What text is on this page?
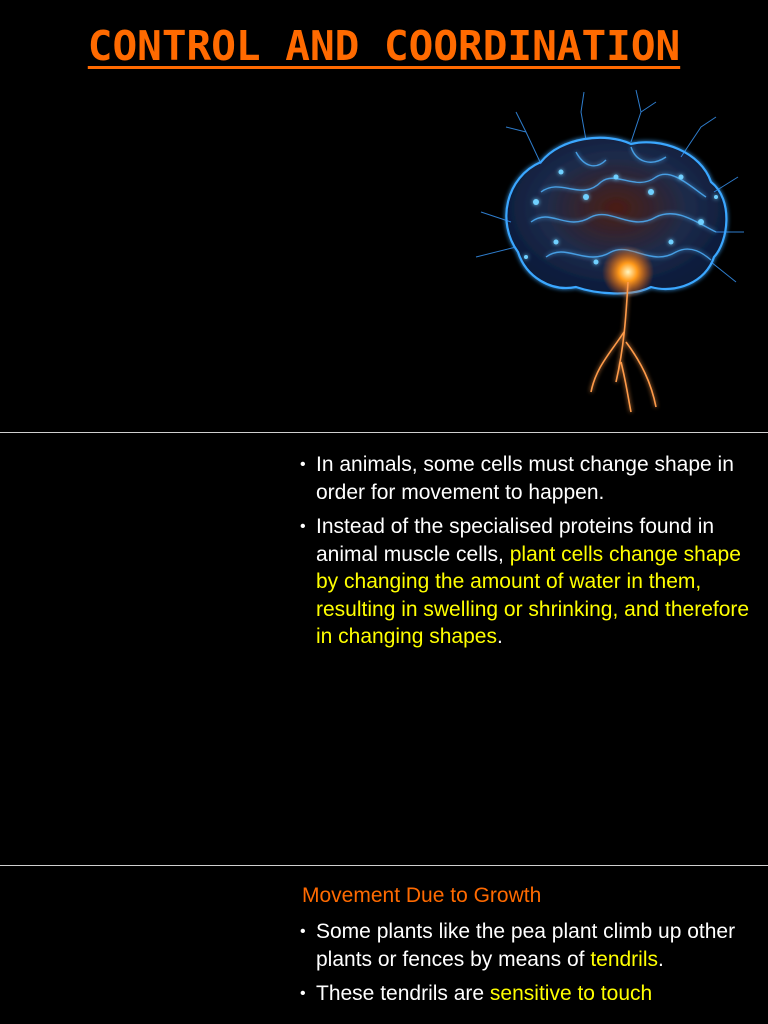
CONTROL AND COORDINATION
• In animals, some cells must change shape in order for movement to happen.
• Instead of the specialised proteins found in animal muscle cells, plant cells change shape by changing the amount of water in them, resulting in swelling or shrinking, and therefore in changing shapes.
Movement Due to Growth
• Some plants like the pea plant climb up other plants or fences by means of tendrils.
• These tendrils are sensitive to touch
